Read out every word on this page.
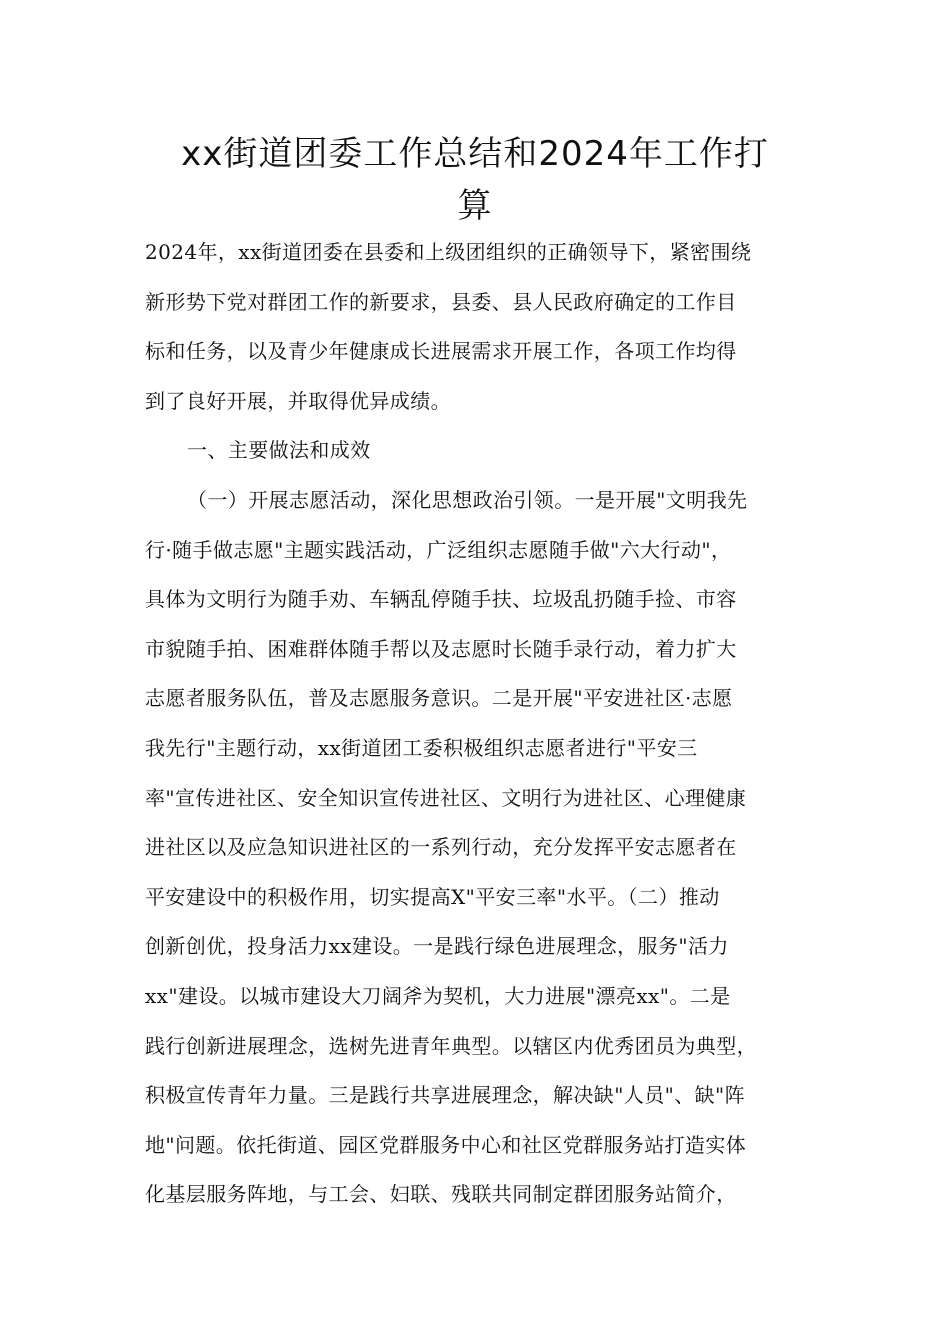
xx街道团委工作总结和2024年工作打
算

2024年，xx街道团委在县委和上级团组织的正确领导下，紧密围绕
新形势下党对群团工作的新要求，县委、县人民政府确定的工作目
标和任务，以及青少年健康成长进展需求开展工作，各项工作均得
到了良好开展，并取得优异成绩。

一、主要做法和成效

（一）开展志愿活动，深化思想政治引领。一是开展"文明我先
行·随手做志愿"主题实践活动，广泛组织志愿随手做"六大行动"，
具体为文明行为随手劝、车辆乱停随手扶、垃圾乱扔随手捡、市容
市貌随手拍、困难群体随手帮以及志愿时长随手录行动，着力扩大
志愿者服务队伍，普及志愿服务意识。二是开展"平安进社区·志愿
我先行"主题行动，xx街道团工委积极组织志愿者进行"平安三
率"宣传进社区、安全知识宣传进社区、文明行为进社区、心理健康
进社区以及应急知识进社区的一系列行动，充分发挥平安志愿者在
平安建设中的积极作用，切实提高X"平安三率"水平。（二）推动
创新创优，投身活力xx建设。一是践行绿色进展理念，服务"活力
xx"建设。以城市建设大刀阔斧为契机，大力进展"漂亮xx"。二是
践行创新进展理念，选树先进青年典型。以辖区内优秀团员为典型，
积极宣传青年力量。三是践行共享进展理念，解决缺"人员"、缺"阵
地"问题。依托街道、园区党群服务中心和社区党群服务站打造实体
化基层服务阵地，与工会、妇联、残联共同制定群团服务站简介，
